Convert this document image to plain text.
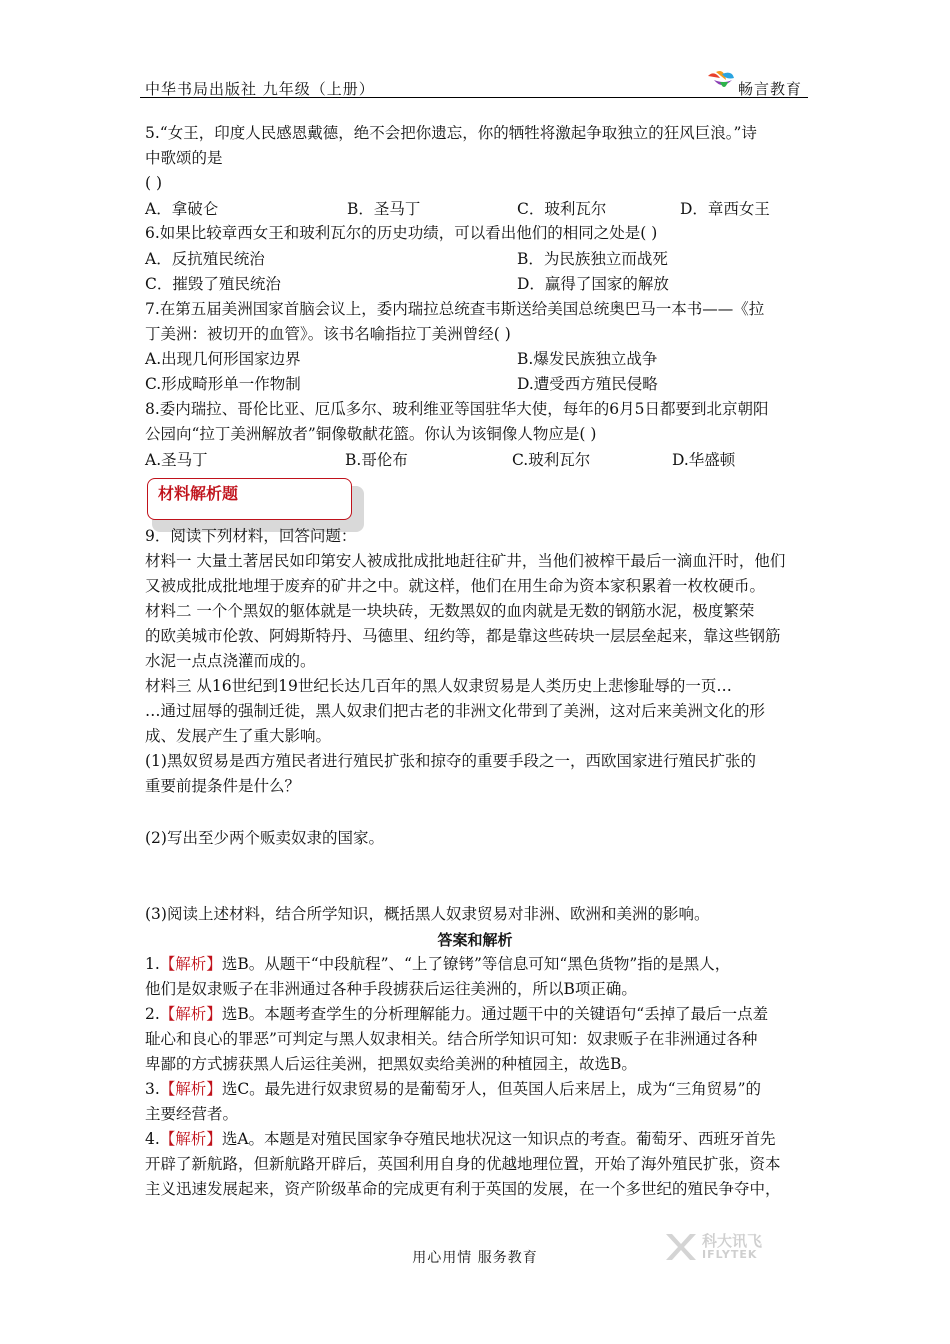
中华书局出版社 九年级（上册）	畅言教育
5.“女王，印度人民感恩戴德，绝不会把你遗忘，你的牺牲将激起争取独立的狂风巨浪。”诗
中歌颂的是
( )
A．拿破仑	B．圣马丁	C．玻利瓦尔	D．章西女王
6.如果比较章西女王和玻利瓦尔的历史功绩，可以看出他们的相同之处是( )
A．反抗殖民统治	B．为民族独立而战死
C．摧毁了殖民统治	D．赢得了国家的解放
7.在第五届美洲国家首脑会议上，委内瑞拉总统查韦斯送给美国总统奥巴马一本书——《拉
丁美洲：被切开的血管》。该书名喻指拉丁美洲曾经( )
A.出现几何形国家边界	B.爆发民族独立战争
C.形成畸形单一作物制	D.遭受西方殖民侵略
8.委内瑞拉、哥伦比亚、厄瓜多尔、玻利维亚等国驻华大使，每年的6月5日都要到北京朝阳
公园向“拉丁美洲解放者”铜像敬献花篮。你认为该铜像人物应是( )
A.圣马丁	B.哥伦布	C.玻利瓦尔	D.华盛顿
材料解析题
9．阅读下列材料，回答问题：
材料一 大量土著居民如印第安人被成批成批地赶往矿井，当他们被榨干最后一滴血汗时，他们
又被成批成批地埋于废弃的矿井之中。就这样，他们在用生命为资本家积累着一枚枚硬币。
材料二 一个个黑奴的躯体就是一块块砖，无数黑奴的血肉就是无数的钢筋水泥，极度繁荣
的欧美城市伦敦、阿姆斯特丹、马德里、纽约等，都是靠这些砖块一层层垒起来，靠这些钢筋
水泥一点点浇灌而成的。
材料三 从16世纪到19世纪长达几百年的黑人奴隶贸易是人类历史上悲惨耻辱的一页…
…通过屈辱的强制迁徙，黑人奴隶们把古老的非洲文化带到了美洲，这对后来美洲文化的形
成、发展产生了重大影响。
(1)黑奴贸易是西方殖民者进行殖民扩张和掠夺的重要手段之一，西欧国家进行殖民扩张的
重要前提条件是什么？
(2)写出至少两个贩卖奴隶的国家。
(3)阅读上述材料，结合所学知识，概括黑人奴隶贸易对非洲、欧洲和美洲的影响。
答案和解析
1.【解析】选B。从题干“中段航程”、“上了镣铐”等信息可知“黑色货物”指的是黑人，
他们是奴隶贩子在非洲通过各种手段掳获后运往美洲的，所以B项正确。
2.【解析】选B。本题考查学生的分析理解能力。通过题干中的关键语句“丢掉了最后一点羞
耻心和良心的罪恶”可判定与黑人奴隶相关。结合所学知识可知：奴隶贩子在非洲通过各种
卑鄙的方式掳获黑人后运往美洲，把黑奴卖给美洲的种植园主，故选B。
3.【解析】选C。最先进行奴隶贸易的是葡萄牙人，但英国人后来居上，成为“三角贸易”的
主要经营者。
4.【解析】选A。本题是对殖民国家争夺殖民地状况这一知识点的考查。葡萄牙、西班牙首先
开辟了新航路，但新航路开辟后，英国利用自身的优越地理位置，开始了海外殖民扩张，资本
主义迅速发展起来，资产阶级革命的完成更有利于英国的发展，在一个多世纪的殖民争夺中，
用心用情 服务教育
科大讯飞
IFLYTEK
